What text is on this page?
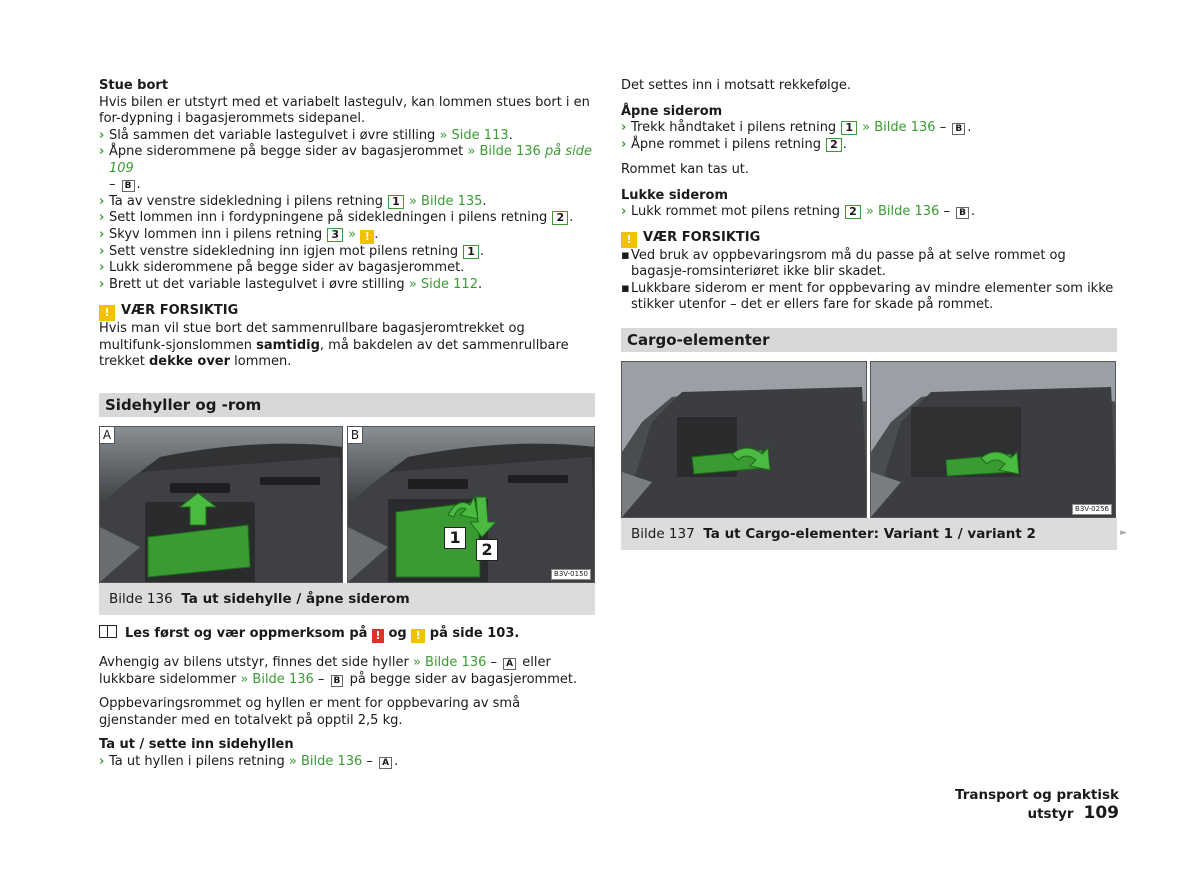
Stue bort

Hvis bilen er utstyrt med et variabelt lastegulv, kan lommen stues bort i en for-dypning i bagasjerommets sidepanel.

› Slå sammen det variable lastegulvet i øvre stilling » Side 113.
› Åpne siderommene på begge sider av bagasjerommet » Bilde 136 på side 109
– B .
› Ta av venstre sidekledning i pilens retning 1 » Bilde 135.
› Sett lommen inn i fordypningene på sidekledningen i pilens retning 2 .
› Skyv lommen inn i pilens retning 3 » ! .
› Sett venstre sidekledning inn igjen mot pilens retning 1 .
› Lukk siderommene på begge sider av bagasjerommet.
› Brett ut det variable lastegulvet i øvre stilling » Side 112.

! VÆR FORSIKTIG

Hvis man vil stue bort det sammenrullbare bagasjeromtrekket og multifunk-sjonslommen samtidig, må bakdelen av det sammenrullbare trekket dekke over lommen.

Sidehyller og -rom
A	B
1
2
B3V-0150
Bilde 136 Ta ut sidehylle / åpne siderom

Les først og vær oppmerksom på ! og ! på side 103.

Avhengig av bilens utstyr, finnes det side hyller » Bilde 136 – A eller lukkbare sidelommer » Bilde 136 – B på begge sider av bagasjerommet.

Oppbevaringsrommet og hyllen er ment for oppbevaring av små gjenstander med en totalvekt på opptil 2,5 kg.

Ta ut / sette inn sidehyllen

› Ta ut hyllen i pilens retning » Bilde 136 – A .

Det settes inn i motsatt rekkefølge.

Åpne siderom

› Trekk håndtaket i pilens retning 1 » Bilde 136 – B .
› Åpne rommet i pilens retning 2 .

Rommet kan tas ut.

Lukke siderom

› Lukk rommet mot pilens retning 2 » Bilde 136 – B .

! VÆR FORSIKTIG

▪ Ved bruk av oppbevaringsrom må du passe på at selve rommet og bagasje-romsinteriøret ikke blir skadet.
▪ Lukkbare siderom er ment for oppbevaring av mindre elementer som ikke stikker utenfor – det er ellers fare for skade på rommet.
Cargo-elementer
B3V-0256
Bilde 137 Ta ut Cargo-elementer: Variant 1 / variant 2	►
Transport og praktisk utstyr 109
